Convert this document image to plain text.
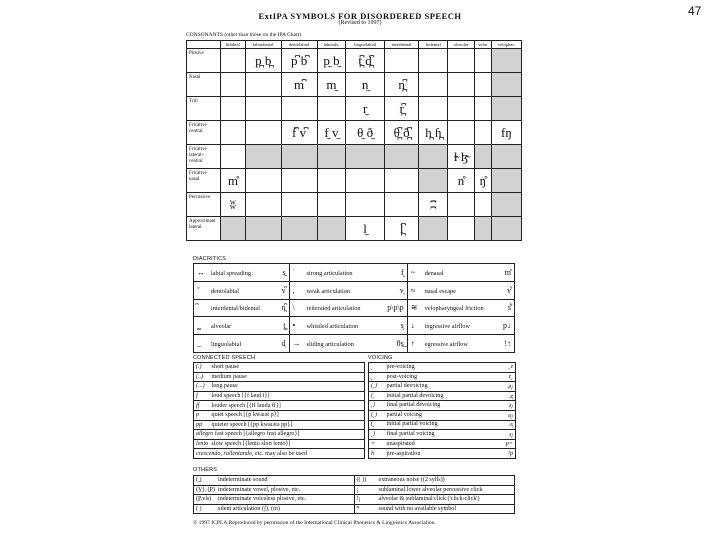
47
ExtIPA SYMBOLS FOR DISORDERED SPEECH
(Revised to 1997)
CONSONANTS (other than those on the IPA Chart)
	bilabial	labiodental	dentolabial	labioalv.	linguolabial	interdental	bidental	alveolar	velar	velophar.
Plosive		p̪ b̪	p͆ b͆	p̼ b̼	t̪͆ d̪͆					
Nasal			m͆	m̼	n̼	n̪͆				
Trill					r̼	r̪͆				
Fricative central			f͆ v͆	f̼ v̼	θ̼ ð̼	θ̪͆ ð̪͆	h̪ ɦ̪			fŋ
Fricative lateral+ central								ɬ̴ ɮ̴		
Fricative nasal	m̊							n̊	ŋ̊	
Percussive	ʬ						ʭ			
Approximant lateral					l̼	l̪͆				
DIACRITICS
↔ labial spreading s͍	ˈ strong articulation f͈	~ denasal m͊

ˇ dentolabial v͆	, weak articulation v͉	≈ nasal escape v͋

interdental/bidental n̪͆	\ reiterated articulation p\p\p	≋ velopharyngeal friction s͌

‗ alveolar t͇	• whistled articulation s͎	↓ ingressive airflow p↓

_ linguolabial d̼	→ sliding articulation θs͢	↑ egressive airflow !↑
CONNECTED SPEECH
(.) short pause
(..) medium pause
(...) long pause
f loud speech [{f laud f}]
ff louder speech [{ff laudə ff}]
p quiet speech [{p kwaɪət p}]
pp quieter speech [{pp kwaɪətə pp}]
allegro fast speech [{allegro fɑst allegro}]
lento slow speech [{lento sloʊ lento}]
crescendo, rallentando, etc. may also be used
VOICING
ˬ pre-voicing	ˬz

ˬ post-voicing	zˬ

(˳) partial devoicing	₍z̥₎

(˳ initial partial devoicing	₍z̥

˳) final partial devoicing	z̥₎

(ˬ) partial voicing	₍s̬₎

(ˬ initial partial voicing	₍s̬

ˬ) final partial voicing	s̬₎

= unaspirated	p=

h pre-aspiration	ʰp
OTHERS
( ̲) indeterminate sound	(( )) extraneous noise ((2 sylls))
(V̲), (P̲) indeterminate vowel, plosive, etc.	¡ sublaminal lower alveolar percussive click
(P̲.vls) indeterminate voiceless plosive, etc.	!¡ alveolar & sublaminal click ('click-click')
( ) silent articulation (ʃ), (m)	* sound with no available symbol
© 1997 ICPLA Reproduced by permission of the International Clinical Phonetics & Linguistics Association.
